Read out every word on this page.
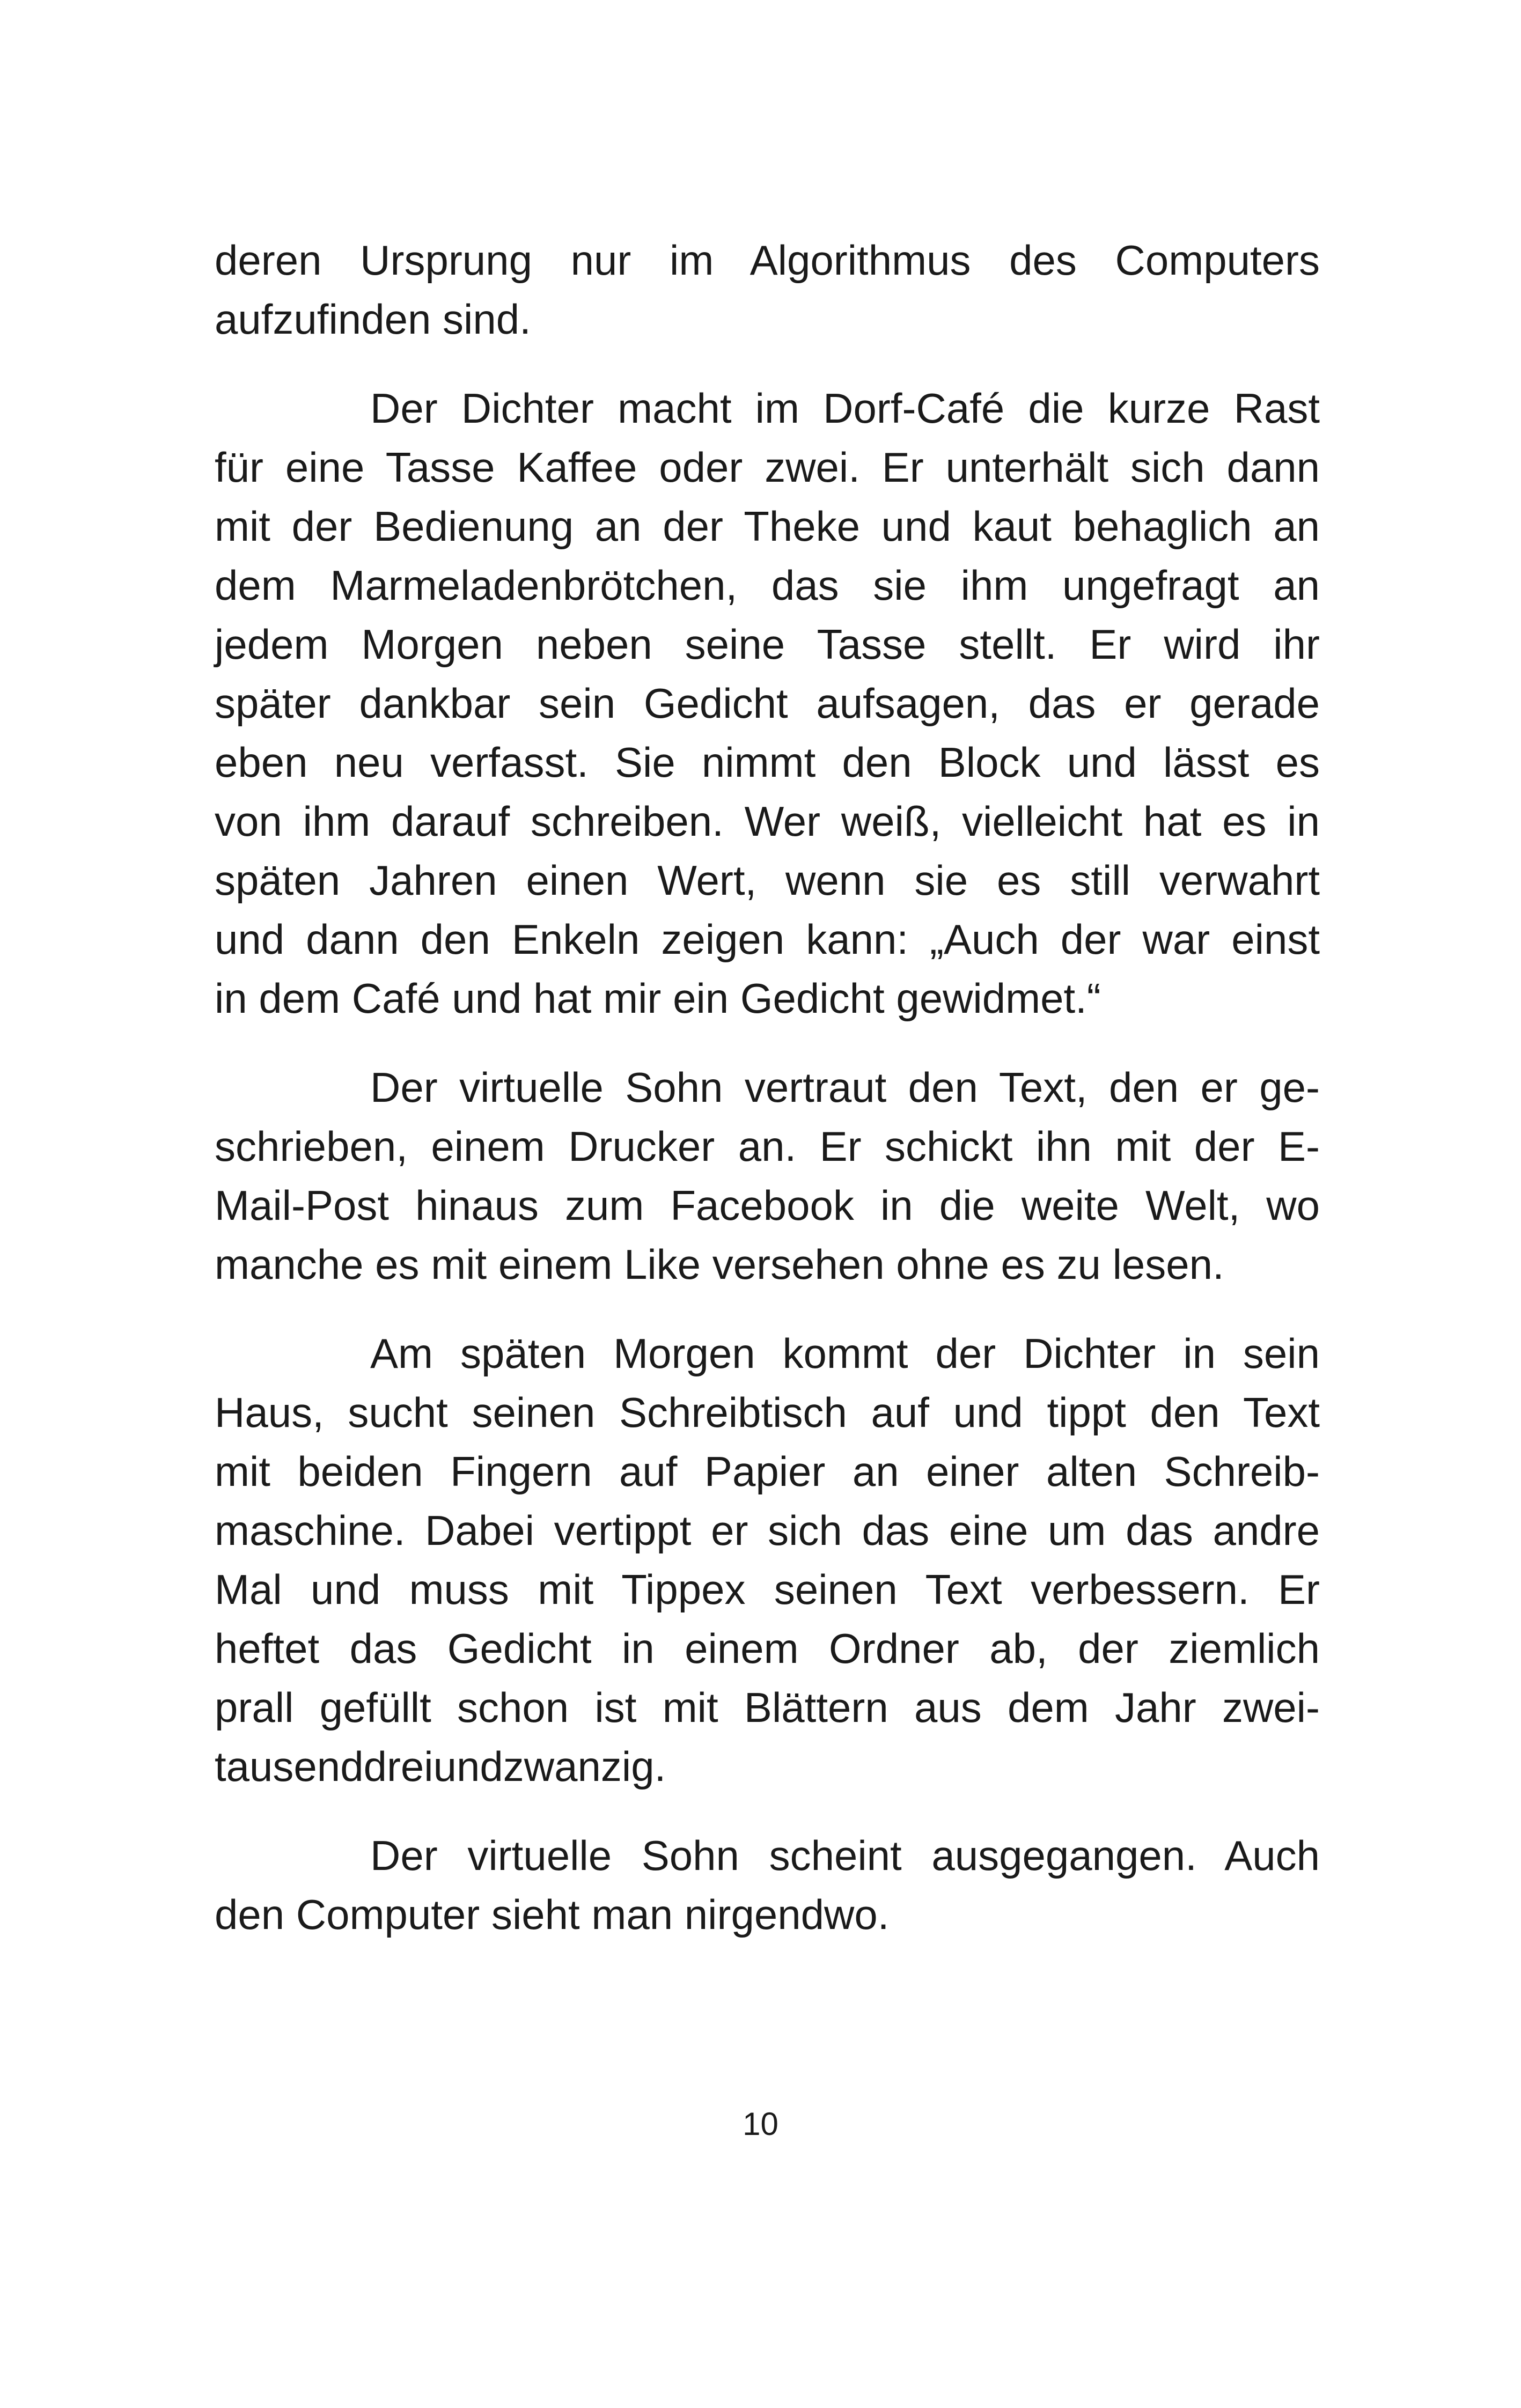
deren Ursprung nur im Algorithmus des Computers
aufzufinden sind.
Der Dichter macht im Dorf-Café die kurze Rast
für eine Tasse Kaffee oder zwei. Er unterhält sich dann
mit der Bedienung an der Theke und kaut behaglich an
dem Marmeladenbrötchen, das sie ihm ungefragt an
jedem Morgen neben seine Tasse stellt. Er wird ihr
später dankbar sein Gedicht aufsagen, das er gerade
eben neu verfasst. Sie nimmt den Block und lässt es
von ihm darauf schreiben. Wer weiß, vielleicht hat es in
späten Jahren einen Wert, wenn sie es still verwahrt
und dann den Enkeln zeigen kann: „Auch der war einst
in dem Café und hat mir ein Gedicht gewidmet.“
Der virtuelle Sohn vertraut den Text, den er ge-
schrieben, einem Drucker an. Er schickt ihn mit der E-
Mail-Post hinaus zum Facebook in die weite Welt, wo
manche es mit einem Like versehen ohne es zu lesen.
Am späten Morgen kommt der Dichter in sein
Haus, sucht seinen Schreibtisch auf und tippt den Text
mit beiden Fingern auf Papier an einer alten Schreib-
maschine. Dabei vertippt er sich das eine um das andre
Mal und muss mit Tippex seinen Text verbessern. Er
heftet das Gedicht in einem Ordner ab, der ziemlich
prall gefüllt schon ist mit Blättern aus dem Jahr zwei-
tausenddreiundzwanzig.
Der virtuelle Sohn scheint ausgegangen. Auch
den Computer sieht man nirgendwo.
10
